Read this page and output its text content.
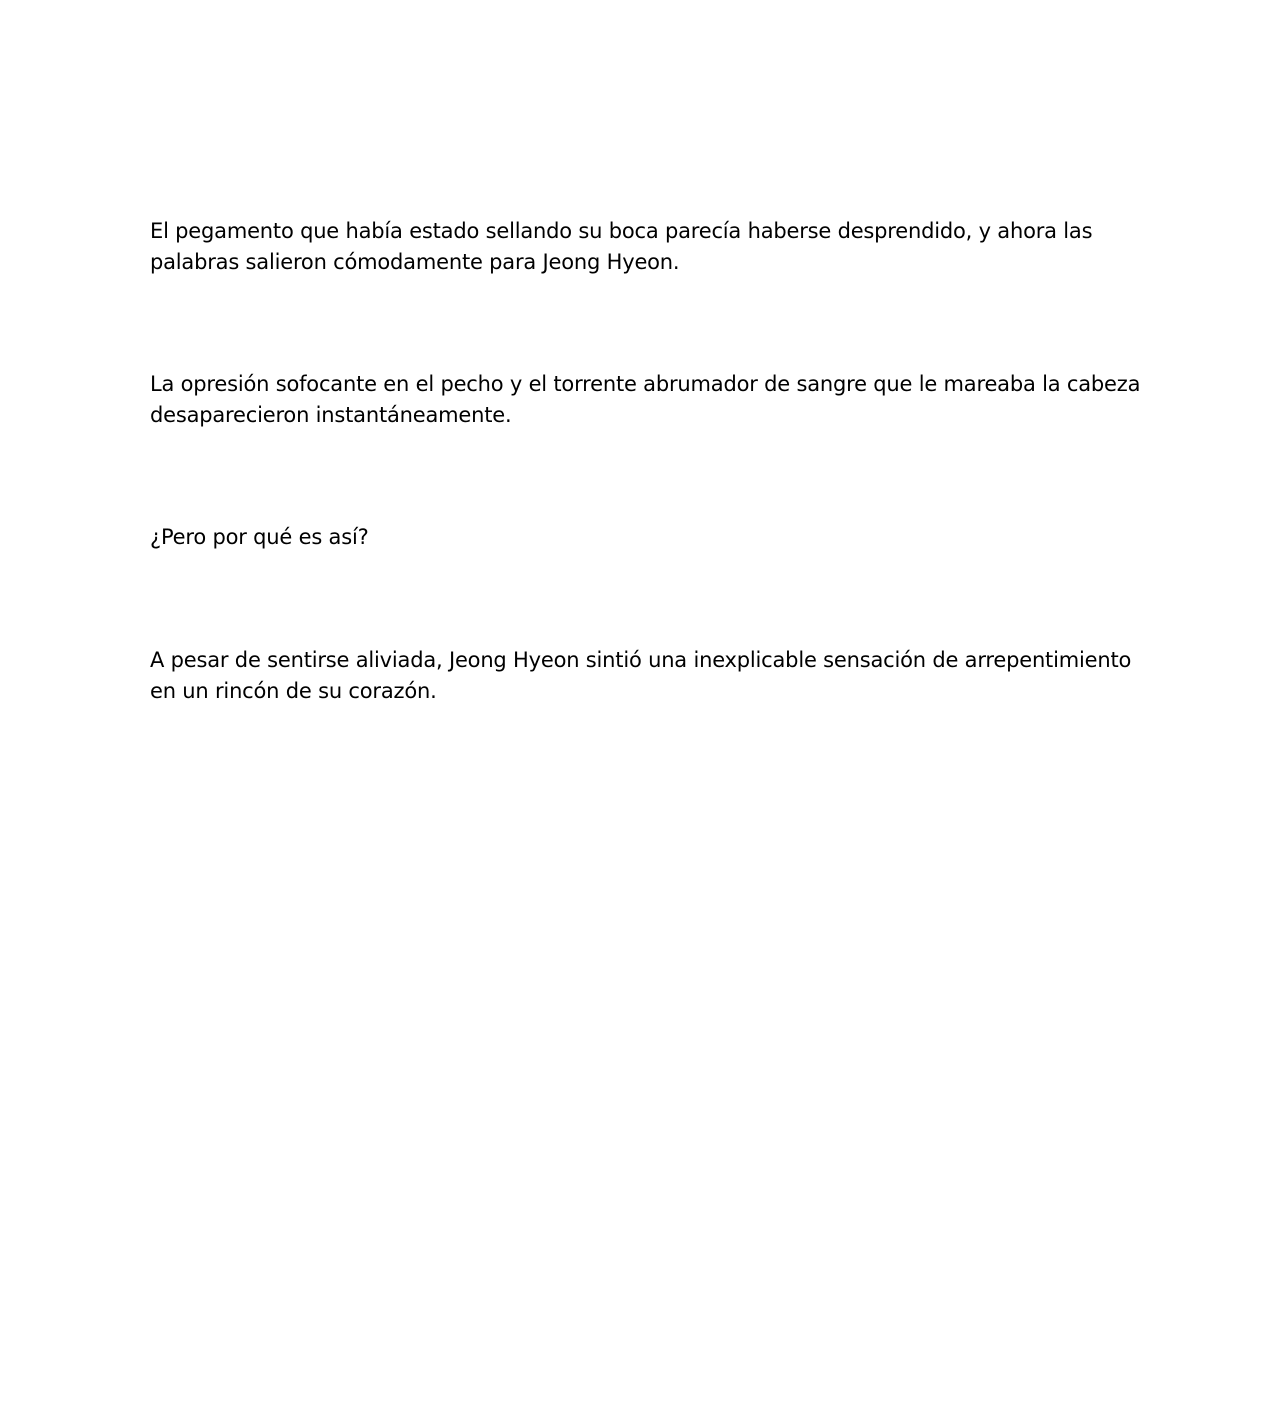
El pegamento que había estado sellando su boca parecía haberse desprendido, y ahora las
palabras salieron cómodamente para Jeong Hyeon.

La opresión sofocante en el pecho y el torrente abrumador de sangre que le mareaba la cabeza
desaparecieron instantáneamente.

¿Pero por qué es así?

A pesar de sentirse aliviada, Jeong Hyeon sintió una inexplicable sensación de arrepentimiento
en un rincón de su corazón.
